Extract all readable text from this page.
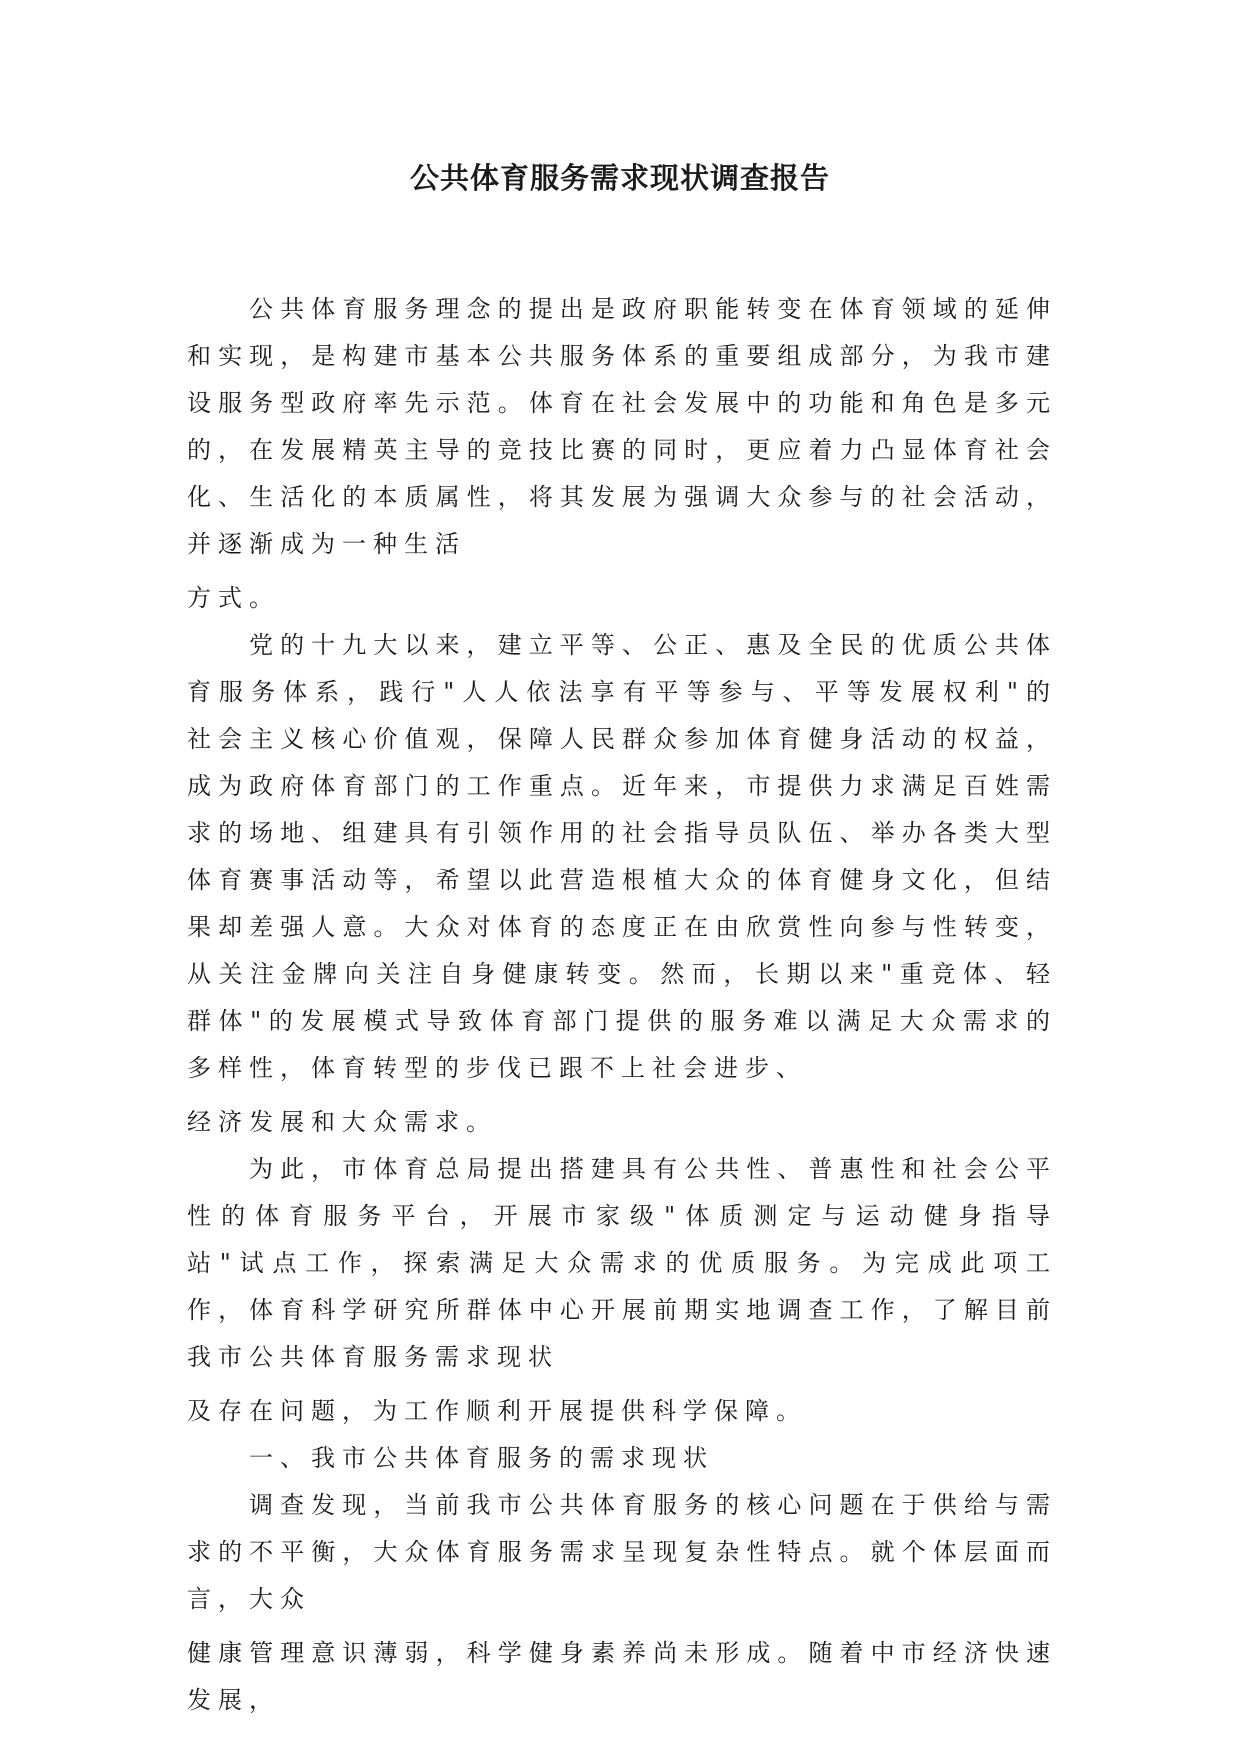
公共体育服务需求现状调查报告

公共体育服务理念的提出是政府职能转变在体育领域的延伸和实现，是构建市基本公共服务体系的重要组成部分，为我市建设服务型政府率先示范。体育在社会发展中的功能和角色是多元的，在发展精英主导的竞技比赛的同时，更应着力凸显体育社会化、生活化的本质属性，将其发展为强调大众参与的社会活动，并逐渐成为一种生活
方式。

党的十九大以来，建立平等、公正、惠及全民的优质公共体育服务体系，践行"人人依法享有平等参与、平等发展权利"的社会主义核心价值观，保障人民群众参加体育健身活动的权益，成为政府体育部门的工作重点。近年来，市提供力求满足百姓需求的场地、组建具有引领作用的社会指导员队伍、举办各类大型体育赛事活动等，希望以此营造根植大众的体育健身文化，但结果却差强人意。大众对体育的态度正在由欣赏性向参与性转变，从关注金牌向关注自身健康转变。然而，长期以来"重竞体、轻群体"的发展模式导致体育部门提供的服务难以满足大众需求的多样性，体育转型的步伐已跟不上社会进步、
经济发展和大众需求。

为此，市体育总局提出搭建具有公共性、普惠性和社会公平性的体育服务平台，开展市家级"体质测定与运动健身指导站"试点工作，探索满足大众需求的优质服务。为完成此项工作，体育科学研究所群体中心开展前期实地调查工作，了解目前我市公共体育服务需求现状
及存在问题，为工作顺利开展提供科学保障。

一、我市公共体育服务的需求现状

调查发现，当前我市公共体育服务的核心问题在于供给与需求的不平衡，大众体育服务需求呈现复杂性特点。就个体层面而言，大众
健康管理意识薄弱，科学健身素养尚未形成。随着中市经济快速发展，
